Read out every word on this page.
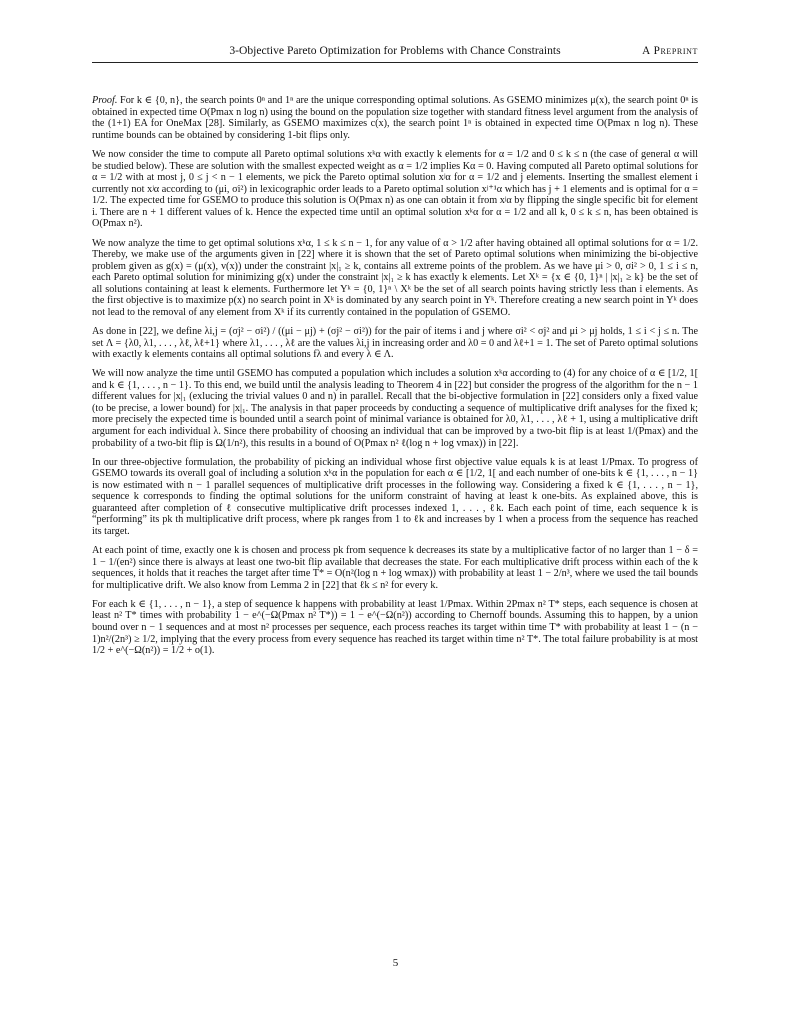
3-Objective Pareto Optimization for Problems with Chance Constraints	A Preprint

Proof. For k ∈ {0, n}, the search points 0ⁿ and 1ⁿ are the unique corresponding optimal solutions. As GSEMO minimizes μ(x), the search point 0ⁿ is obtained in expected time O(Pmax n log n) using the bound on the population size together with standard fitness level argument from the analysis of the (1+1) EA for OneMax [28]. Similarly, as GSEMO maximizes c(x), the search point 1ⁿ is obtained in expected time O(Pmax n log n). These runtime bounds can be obtained by considering 1-bit flips only.

We now consider the time to compute all Pareto optimal solutions xᵏα with exactly k elements for α = 1/2 and 0 ≤ k ≤ n (the case of general α will be studied below). These are solution with the smallest expected weight as α = 1/2 implies Kα = 0. Having computed all Pareto optimal solutions for α = 1/2 with at most j, 0 ≤ j < n − 1 elements, we pick the Pareto optimal solution xʲα for α = 1/2 and j elements. Inserting the smallest element i currently not xʲα according to (μi, σi²) in lexicographic order leads to a Pareto optimal solution xʲ⁺¹α which has j + 1 elements and is optimal for α = 1/2. The expected time for GSEMO to produce this solution is O(Pmax n) as one can obtain it from xʲα by flipping the single specific bit for element i. There are n + 1 different values of k. Hence the expected time until an optimal solution xᵏα for α = 1/2 and all k, 0 ≤ k ≤ n, has been obtained is O(Pmax n²).

We now analyze the time to get optimal solutions xᵏα, 1 ≤ k ≤ n − 1, for any value of α > 1/2 after having obtained all optimal solutions for α = 1/2. Thereby, we make use of the arguments given in [22] where it is shown that the set of Pareto optimal solutions when minimizing the bi-objective problem given as g(x) = (μ(x), v(x)) under the constraint |x|₁ ≥ k, contains all extreme points of the problem. As we have μi > 0, σi² > 0, 1 ≤ i ≤ n, each Pareto optimal solution for minimizing g(x) under the constraint |x|₁ ≥ k has exactly k elements. Let Xᵏ = {x ∈ {0, 1}ⁿ | |x|₁ ≥ k} be the set of all solutions containing at least k elements. Furthermore let Yᵏ = {0, 1}ⁿ \ Xᵏ be the set of all search points having strictly less than i elements. As the first objective is to maximize p(x) no search point in Xᵏ is dominated by any search point in Yᵏ. Therefore creating a new search point in Yᵏ does not lead to the removal of any element from Xᵏ if its currently contained in the population of GSEMO.

As done in [22], we define λi,j = (σj² − σi²) / ((μi − μj) + (σj² − σi²)) for the pair of items i and j where σi² < σj² and μi > μj holds, 1 ≤ i < j ≤ n. The set Λ = {λ0, λ1, . . . , λℓ, λℓ+1} where λ1, . . . , λℓ are the values λi,j in increasing order and λ0 = 0 and λℓ+1 = 1. The set of Pareto optimal solutions with exactly k elements contains all optimal solutions fλ and every λ ∈ Λ.

We will now analyze the time until GSEMO has computed a population which includes a solution xᵏα according to (4) for any choice of α ∈ [1/2, 1[ and k ∈ {1, . . . , n − 1}. To this end, we build until the analysis leading to Theorem 4 in [22] but consider the progress of the algorithm for the n − 1 different values for |x|₁ (exlucing the trivial values 0 and n) in parallel. Recall that the bi-objective formulation in [22] considers only a fixed value (to be precise, a lower bound) for |x|₁. The analysis in that paper proceeds by conducting a sequence of multiplicative drift analyses for the fixed k; more precisely the expected time is bounded until a search point of minimal variance is obtained for λ0, λ1, . . . , λℓ + 1, using a multiplicative drift argument for each individual λ. Since there probability of choosing an individual that can be improved by a two-bit flip is at least 1/(Pmax) and the probability of a two-bit flip is Ω(1/n²), this results in a bound of O(Pmax n² ℓ(log n + log vmax)) in [22].

In our three-objective formulation, the probability of picking an individual whose first objective value equals k is at least 1/Pmax. To progress of GSEMO towards its overall goal of including a solution xᵏα in the population for each α ∈ [1/2, 1[ and each number of one-bits k ∈ {1, . . . , n − 1} is now estimated with n − 1 parallel sequences of multiplicative drift processes in the following way. Considering a fixed k ∈ {1, . . . , n − 1}, sequence k corresponds to finding the optimal solutions for the uniform constraint of having at least k one-bits. As explained above, this is guaranteed after completion of ℓ consecutive multiplicative drift processes indexed 1, . . . , ℓk. Each each point of time, each sequence k is “performing” its pk th multiplicative drift process, where pk ranges from 1 to ℓk and increases by 1 when a process from the sequence has reached its target.

At each point of time, exactly one k is chosen and process pk from sequence k decreases its state by a multiplicative factor of no larger than 1 − δ = 1 − 1/(en²) since there is always at least one two-bit flip available that decreases the state. For each multiplicative drift process within each of the k sequences, it holds that it reaches the target after time T* = O(n²(log n + log wmax)) with probability at least 1 − 2/n³, where we used the tail bounds for multiplicative drift. We also know from Lemma 2 in [22] that ℓk ≤ n² for every k.

For each k ∈ {1, . . . , n − 1}, a step of sequence k happens with probability at least 1/Pmax. Within 2Pmax n² T* steps, each sequence is chosen at least n² T* times with probability 1 − e^(−Ω(Pmax n² T*)) = 1 − e^(−Ω(n²)) according to Chernoff bounds. Assuming this to happen, by a union bound over n − 1 sequences and at most n² processes per sequence, each process reaches its target within time T* with probability at least 1 − (n − 1)n²/(2n³) ≥ 1/2, implying that the every process from every sequence has reached its target within time n² T*. The total failure probability is at most 1/2 + e^(−Ω(n²)) = 1/2 + o(1).

5
